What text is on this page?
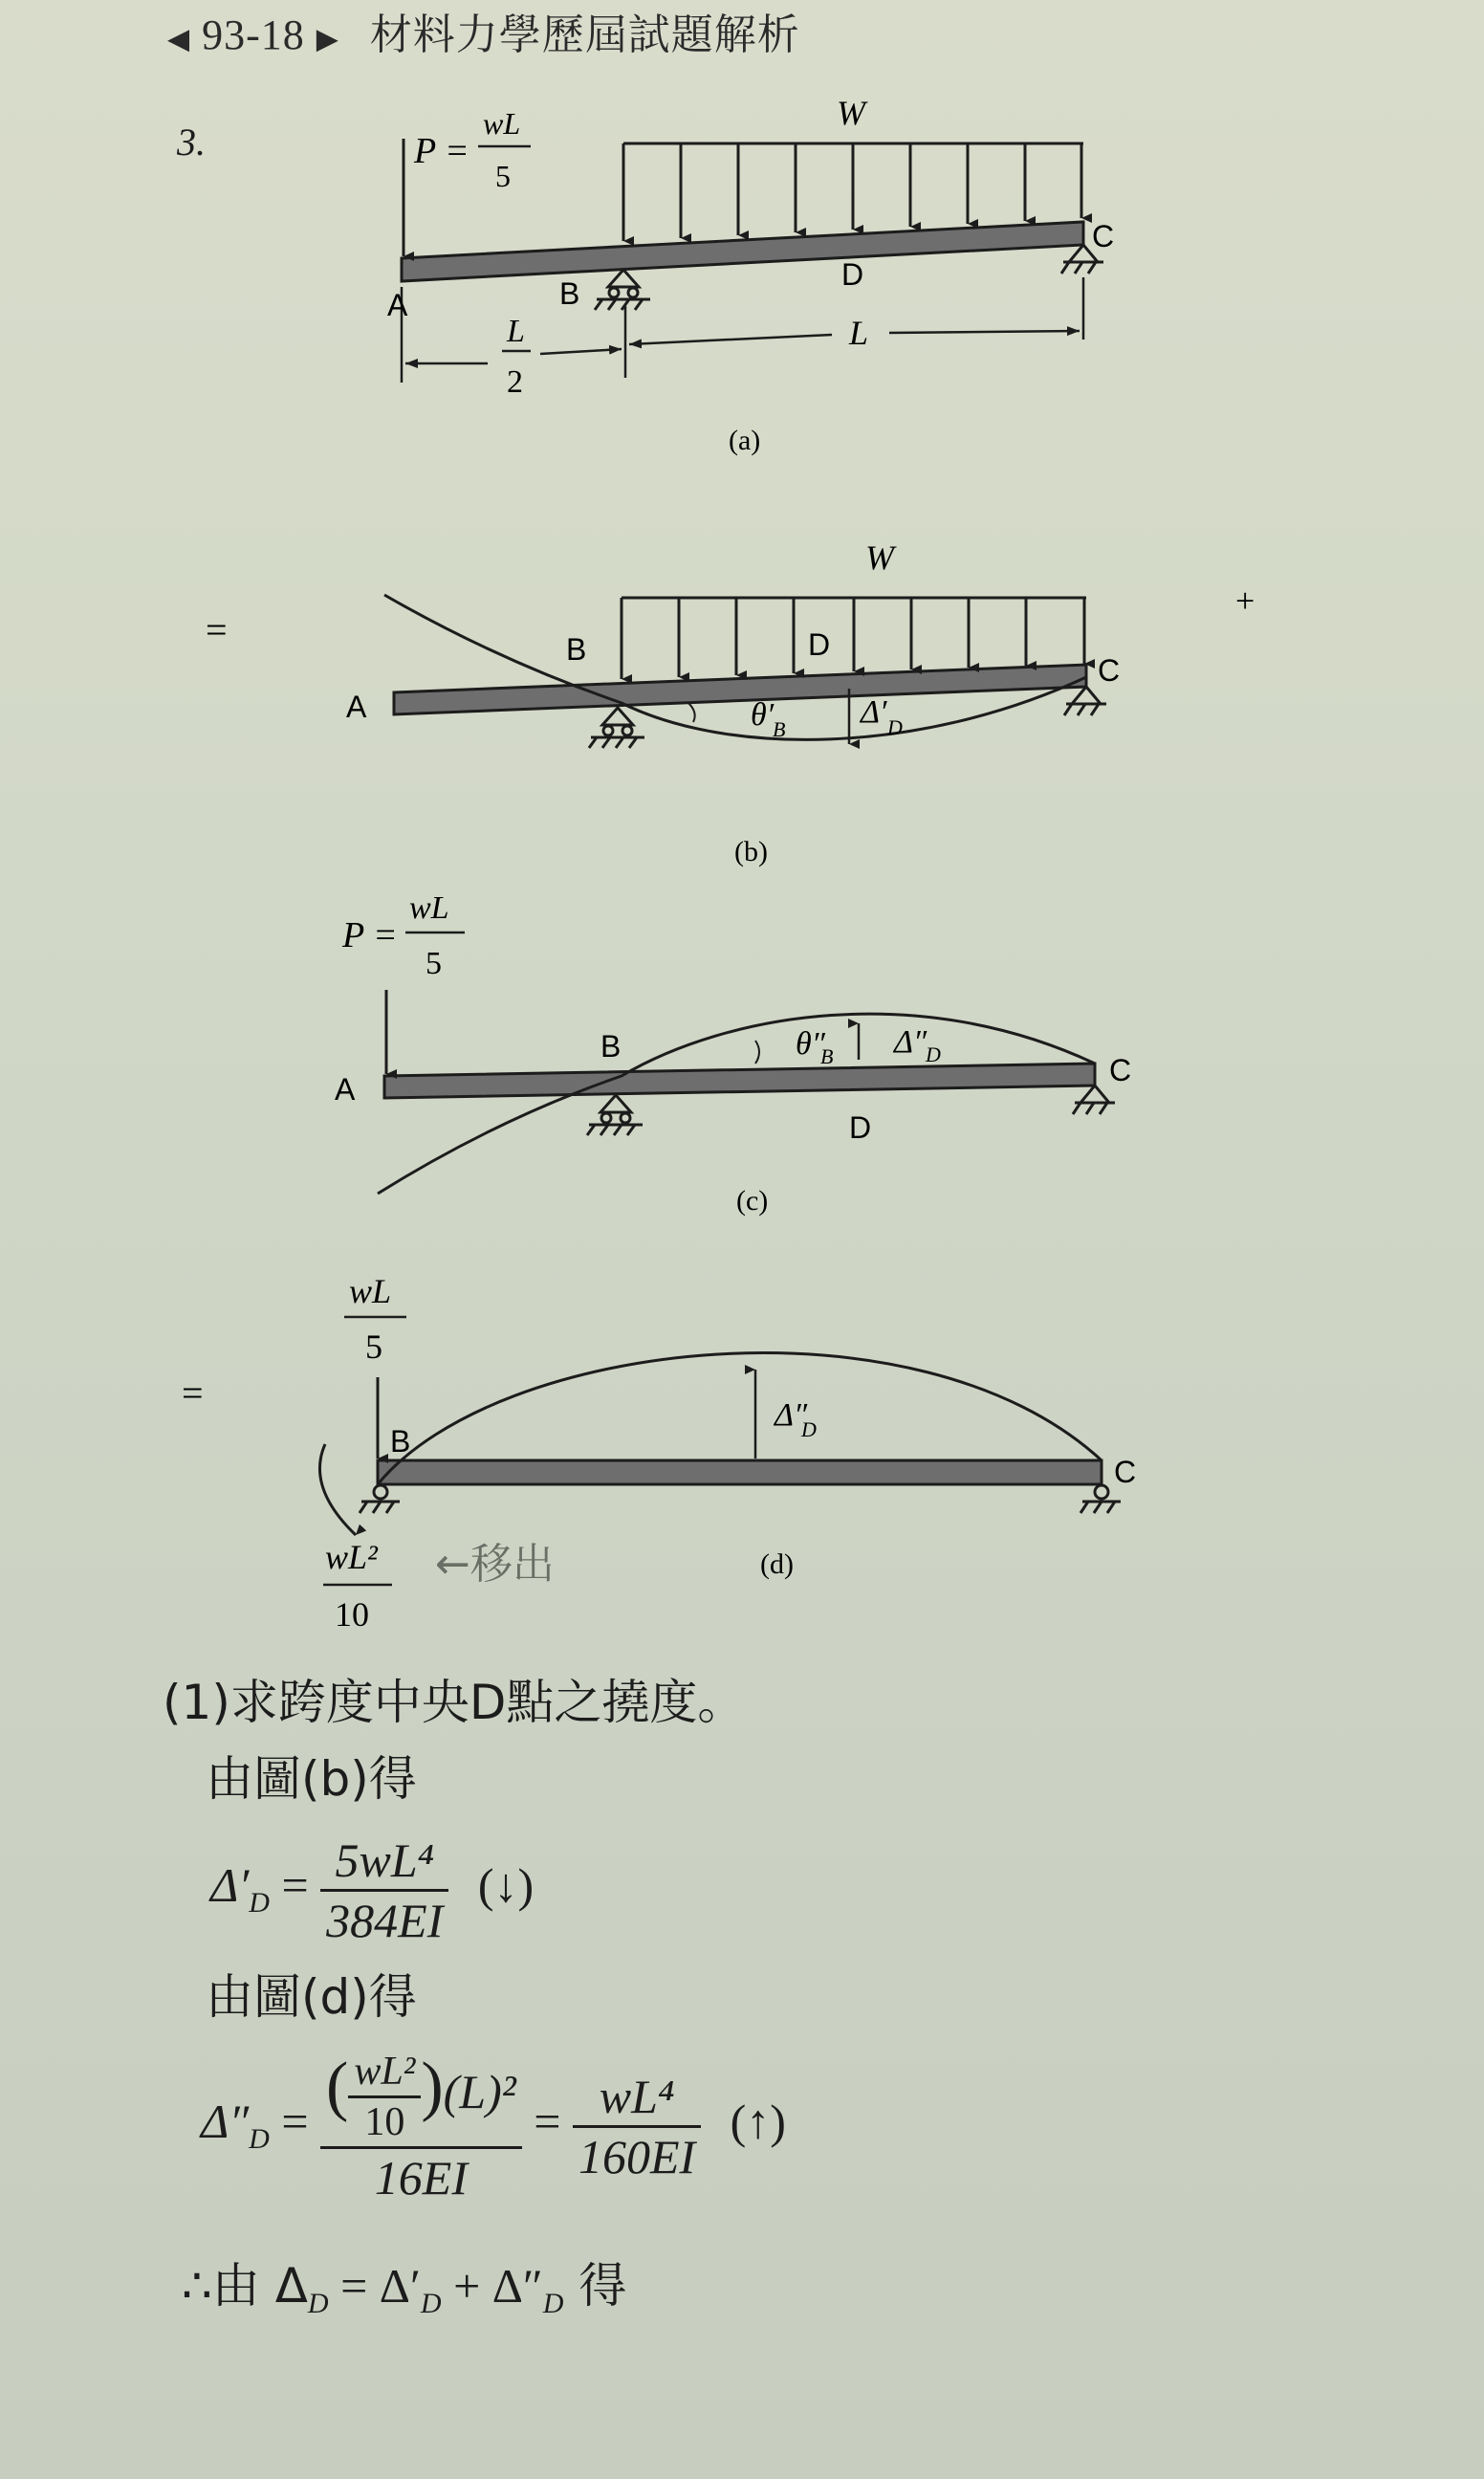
◀ 93-18 ▶ 材料力學歷屆試題解析
3.	P =
wL
5
W
A	B
D
C
L
2
L
(a)
=
+
W
A
B	D
C
θ′
B Δ′ D
(b)
P =
wL
5
A
B
D
C
θ″
B Δ″
D
(c)
=
wL
5
wL²
10
B
C
Δ″
D
←移出	(d)
(1)求跨度中央D點之撓度。
由圖(b)得
$\Delta'_D = \frac{\text{5wL⁴}}{384EI}$ (↓)
由圖(d)得
$\Delta''_D = \frac{( \frac{\text{wL²}}{10} )(L)^2}{16EI} = \frac{\text{wL⁴}}{160EI}$ (↑)
∴由 $\Delta_D = \Delta'_D + \Delta''_D$ 得
